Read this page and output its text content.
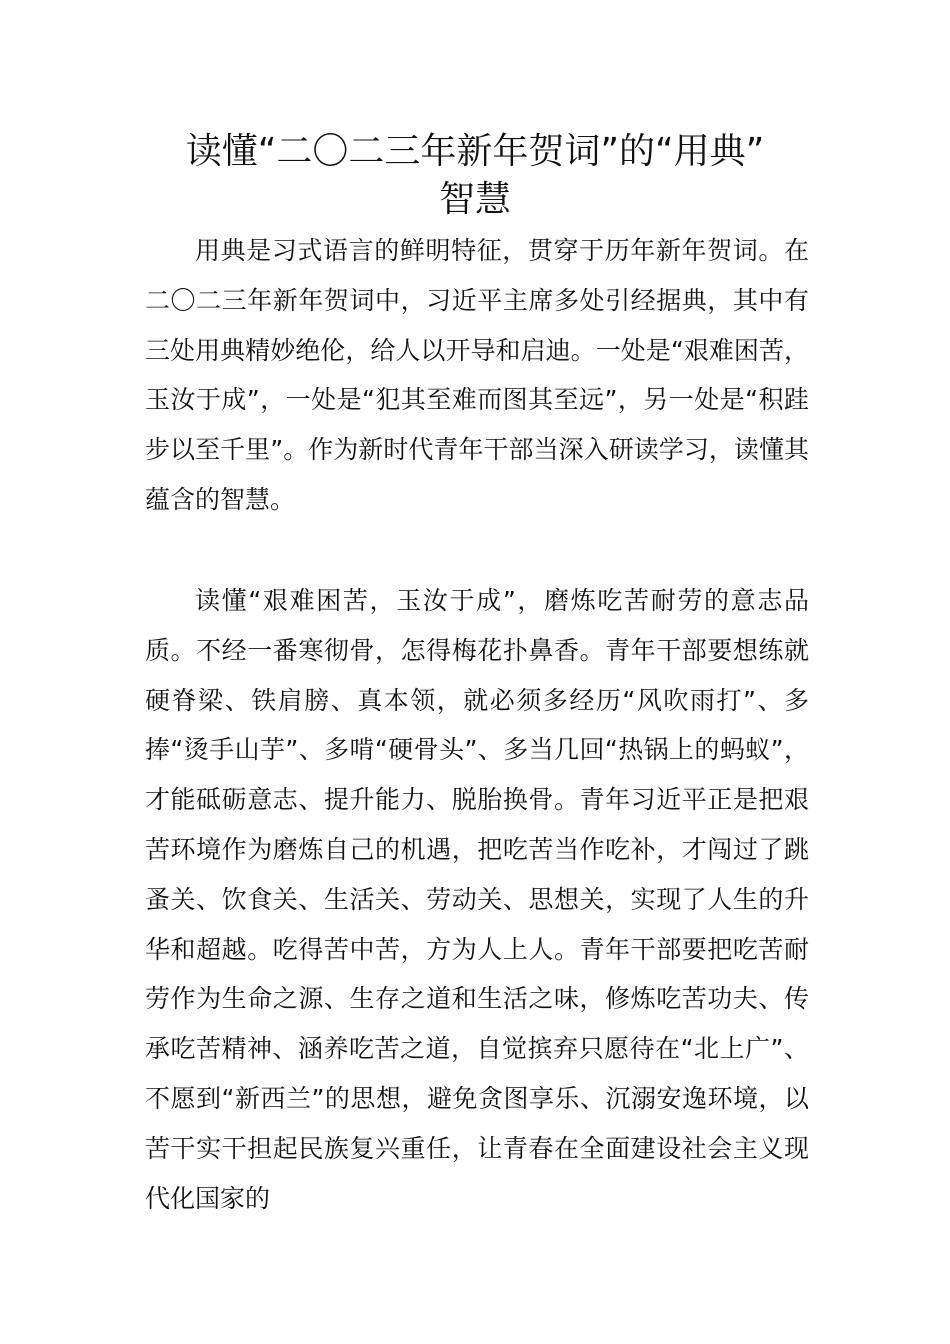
读懂“二〇二三年新年贺词”的“用典”
智慧

用典是习式语言的鲜明特征，贯穿于历年新年贺词。在二〇二三年新年贺词中，习近平主席多处引经据典，其中有三处用典精妙绝伦，给人以开导和启迪。一处是“艰难困苦，玉汝于成”，一处是“犯其至难而图其至远”，另一处是“积跬步以至千里”。作为新时代青年干部当深入研读学习，读懂其蕴含的智慧。

读懂“艰难困苦，玉汝于成”，磨炼吃苦耐劳的意志品质。不经一番寒彻骨，怎得梅花扑鼻香。青年干部要想练就硬脊梁、铁肩膀、真本领，就必须多经历“风吹雨打”、多捧“烫手山芋”、多啃“硬骨头”、多当几回“热锅上的蚂蚁”，才能砥砺意志、提升能力、脱胎换骨。青年习近平正是把艰苦环境作为磨炼自己的机遇，把吃苦当作吃补，才闯过了跳蚤关、饮食关、生活关、劳动关、思想关，实现了人生的升华和超越。吃得苦中苦，方为人上人。青年干部要把吃苦耐劳作为生命之源、生存之道和生活之味，修炼吃苦功夫、传承吃苦精神、涵养吃苦之道，自觉摈弃只愿待在“北上广”、不愿到“新西兰”的思想，避免贪图享乐、沉溺安逸环境，以苦干实干担起民族复兴重任，让青春在全面建设社会主义现代化国家的
